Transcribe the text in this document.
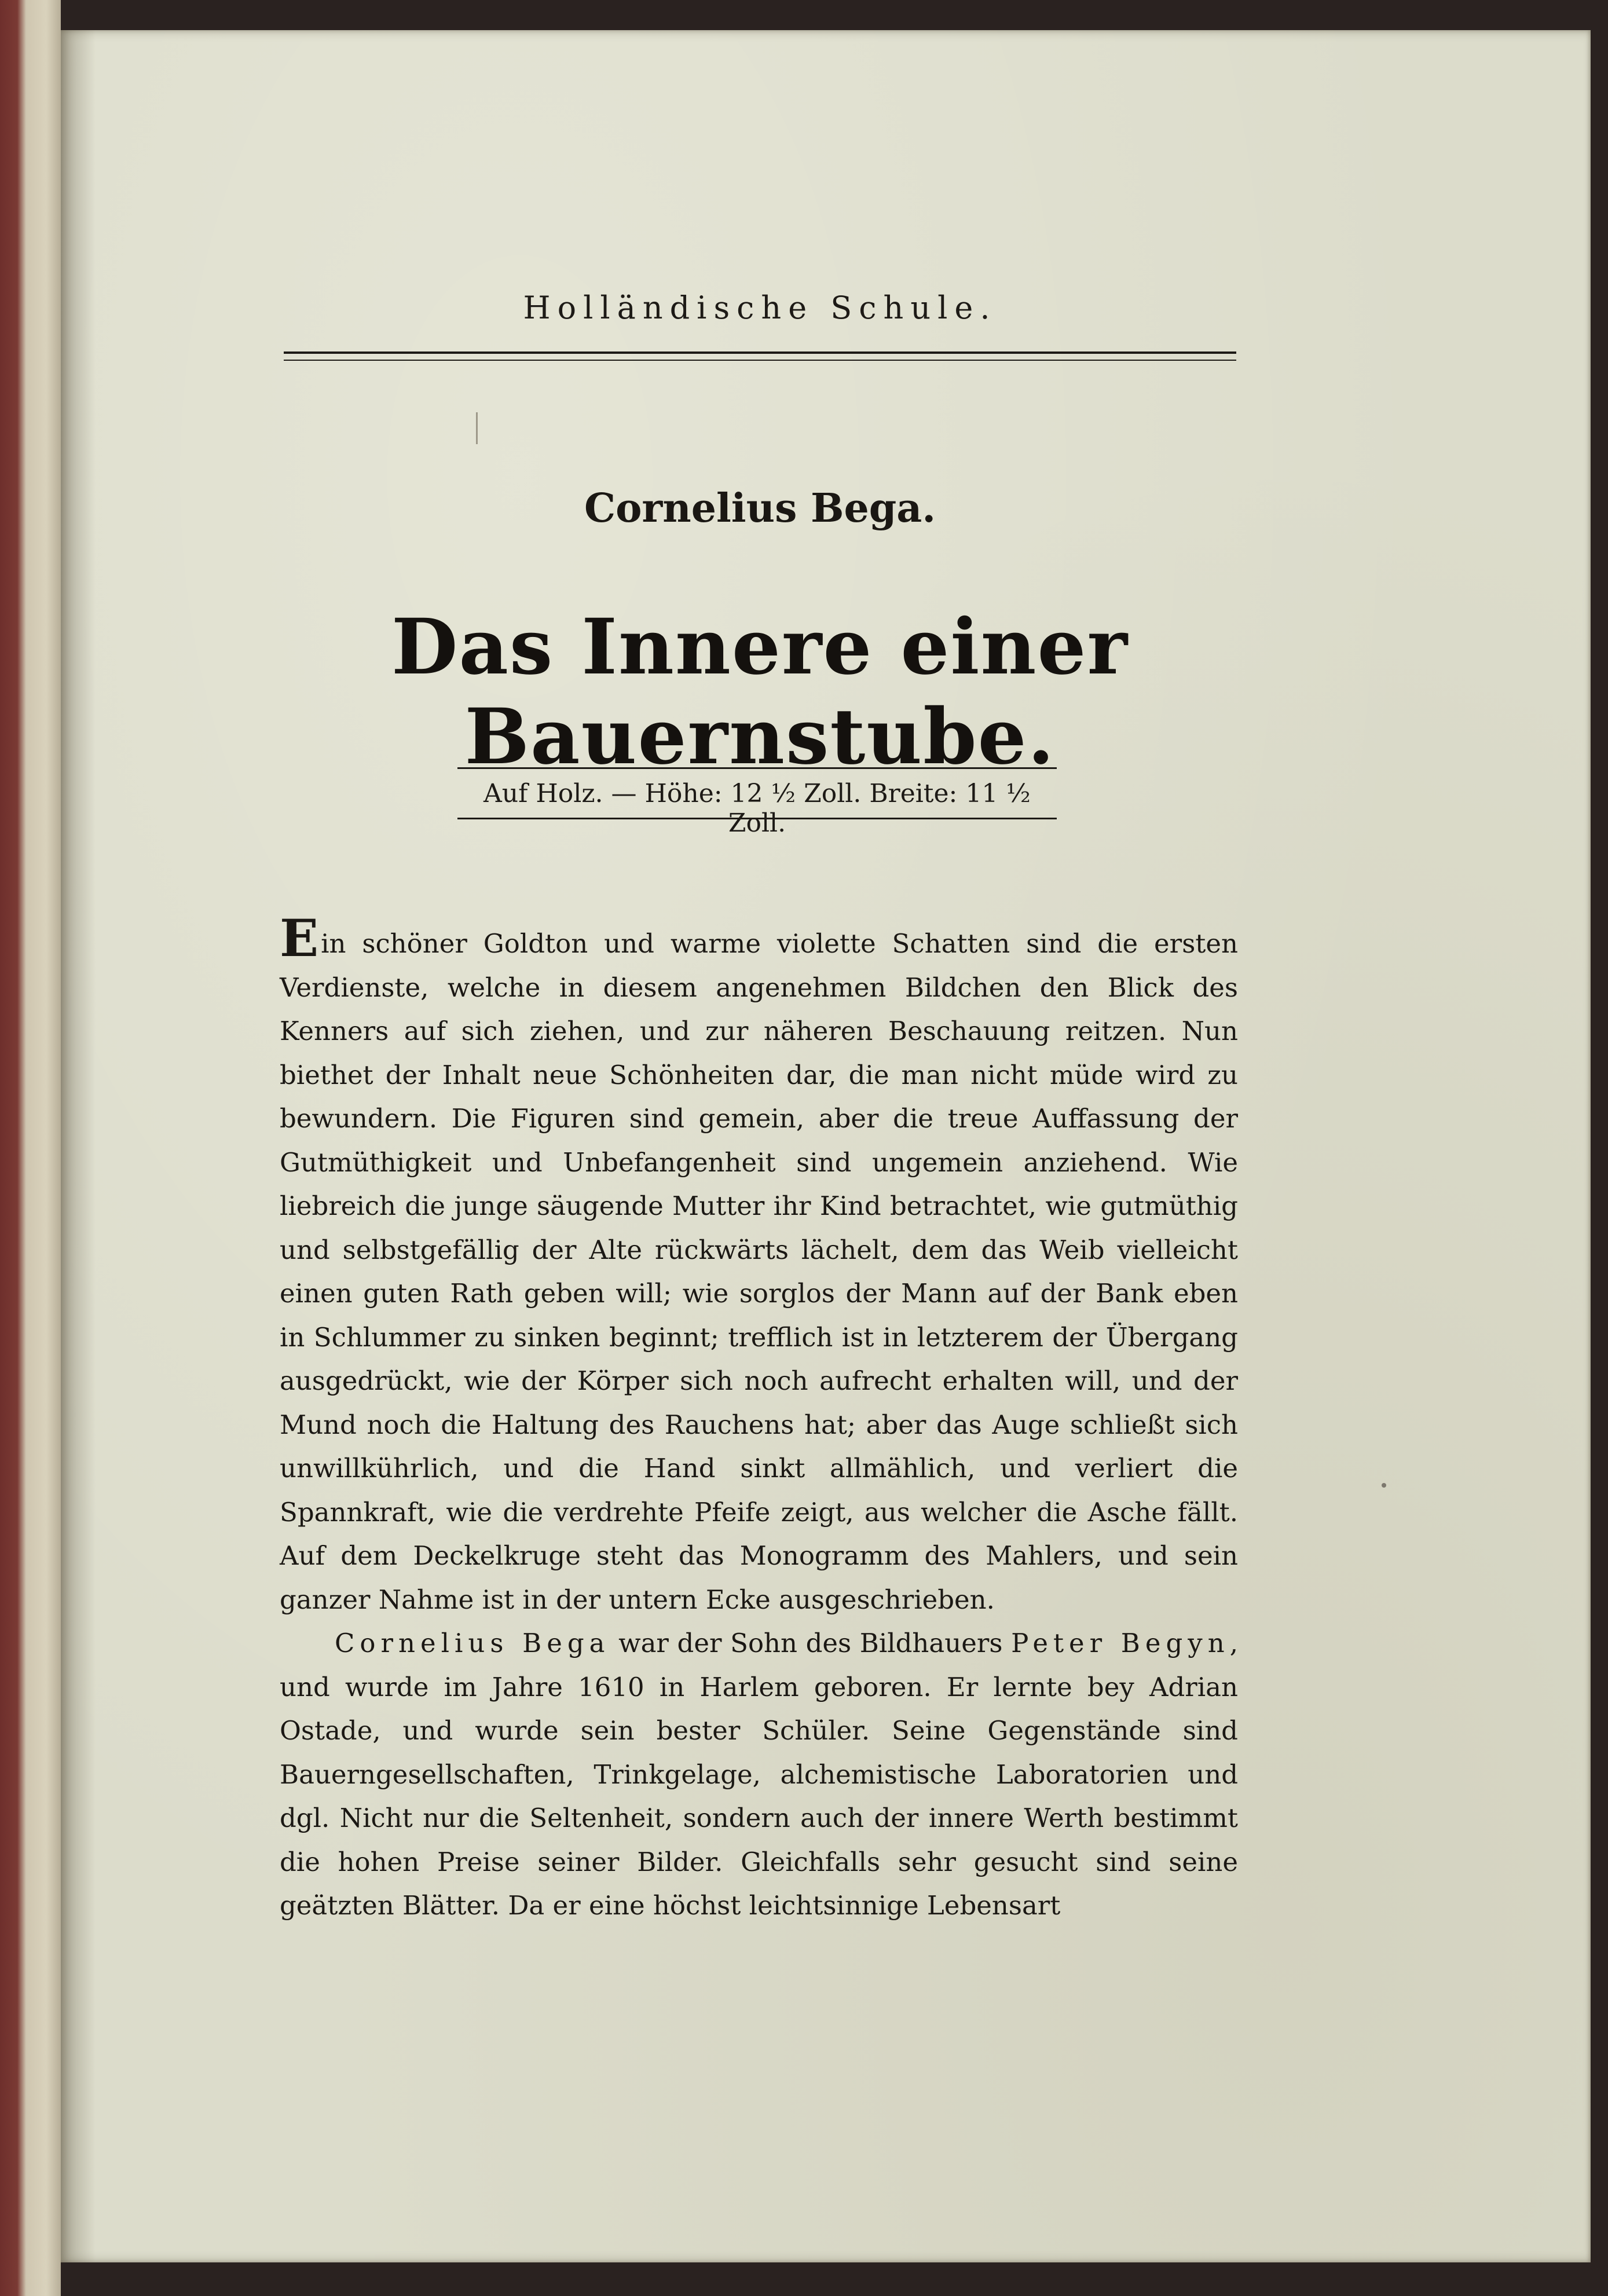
Holländische Schule.
Cornelius Bega.
Das Innere einer Bauernstube.
Auf Holz. — Höhe: 12 ½ Zoll. Breite: 11 ½ Zoll.

Ein schöner Goldton und warme violette Schatten sind die ersten Verdienste, welche in diesem angenehmen Bildchen den Blick des Kenners auf sich ziehen, und zur näheren Beschauung reitzen. Nun biethet der Inhalt neue Schönheiten dar, die man nicht müde wird zu bewundern. Die Figuren sind gemein, aber die treue Auffassung der Gutmüthigkeit und Unbefangenheit sind ungemein anziehend. Wie liebreich die junge säugende Mutter ihr Kind betrachtet, wie gutmüthig und selbstgefällig der Alte rückwärts lächelt, dem das Weib vielleicht einen guten Rath geben will; wie sorglos der Mann auf der Bank eben in Schlummer zu sinken beginnt; trefflich ist in letzterem der Übergang ausgedrückt, wie der Körper sich noch aufrecht erhalten will, und der Mund noch die Haltung des Rauchens hat; aber das Auge schließt sich unwillkührlich, und die Hand sinkt allmählich, und verliert die Spannkraft, wie die verdrehte Pfeife zeigt, aus welcher die Asche fällt. Auf dem Deckelkruge steht das Monogramm des Mahlers, und sein ganzer Nahme ist in der untern Ecke ausgeschrieben.

Cornelius Bega war der Sohn des Bildhauers Peter Begyn, und wurde im Jahre 1610 in Harlem geboren. Er lernte bey Adrian Ostade, und wurde sein bester Schüler. Seine Gegenstände sind Bauerngesellschaften, Trinkgelage, alchemistische Laboratorien und dgl. Nicht nur die Seltenheit, sondern auch der innere Werth bestimmt die hohen Preise seiner Bilder. Gleichfalls sehr gesucht sind seine geätzten Blätter. Da er eine höchst leichtsinnige Lebensart
